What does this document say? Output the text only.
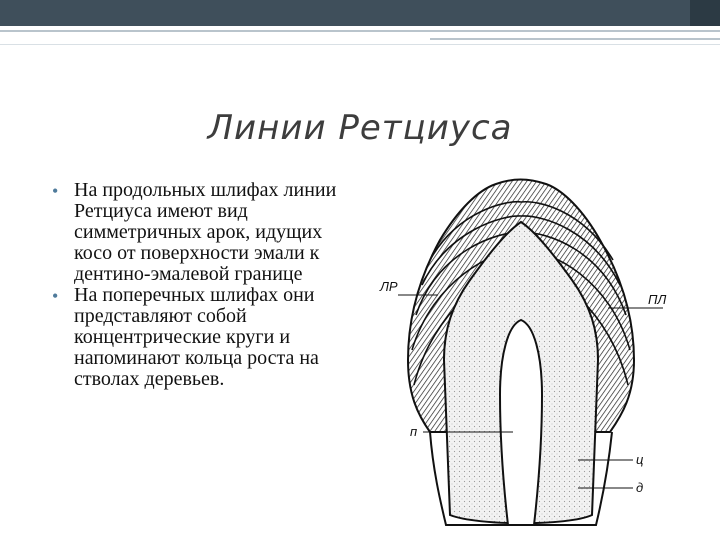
Линии Ретциуса
• На продольных шлифах линии Ретциуса имеют вид симметричных арок, идущих косо от поверхности эмали к дентино-эмалевой границе
• На поперечных шлифах они представляют собой концентрические круги и напоминают кольца роста на стволах деревьев.
ЛР
ПЛ
п
ц
д
